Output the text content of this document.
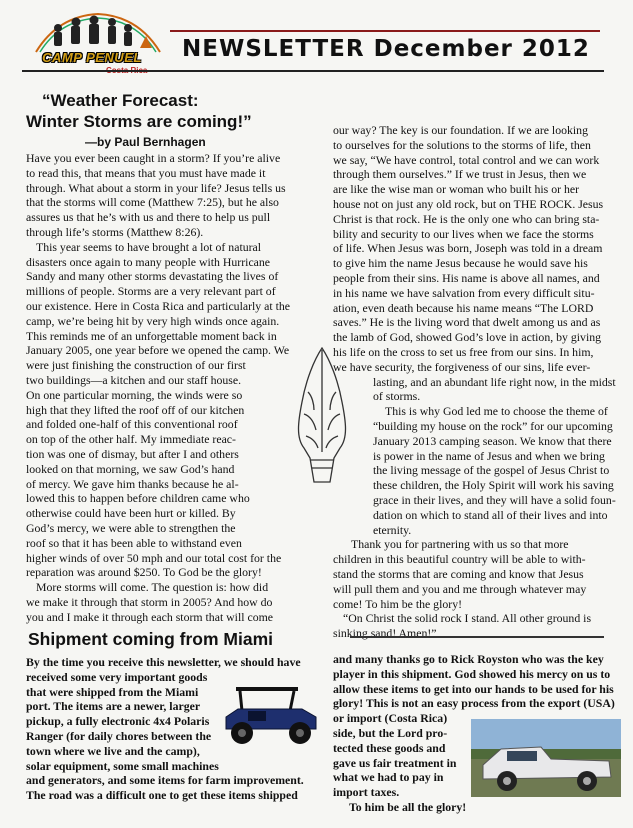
CAMP PENUEL
Costa Rica
NEWSLETTER December 2012
“Weather Forecast:
Winter Storms are coming!”
—by Paul Bernhagen
Have you ever been caught in a storm? If you’re alive
to read this, that means that you must have made it
through. What about a storm in your life? Jesus tells us
that the storms will come (Matthew 7:25), but he also
assures us that he’s with us and there to help us pull
through life’s storms (Matthew 8:26).
This year seems to have brought a lot of natural
disasters once again to many people with Hurricane
Sandy and many other storms devastating the lives of
millions of people. Storms are a very relevant part of
our existence. Here in Costa Rica and particularly at the
camp, we’re being hit by very high winds once again.
This reminds me of an unforgettable moment back in
January 2005, one year before we opened the camp. We
were just finishing the construction of our first
two buildings—a kitchen and our staff house.
On one particular morning, the winds were so
high that they lifted the roof off of our kitchen
and folded one-half of this conventional roof
on top of the other half. My immediate reac-
tion was one of dismay, but after I and others
looked on that morning, we saw God’s hand
of mercy. We gave him thanks because he al-
lowed this to happen before children came who
otherwise could have been hurt or killed. By
God’s mercy, we were able to strengthen the
roof so that it has been able to withstand even
higher winds of over 50 mph and our total cost for the
reparation was around $250. To God be the glory!
More storms will come. The question is: how did
we make it through that storm in 2005? And how do
you and I make it through each storm that will come
our way? The key is our foundation. If we are looking
to ourselves for the solutions to the storms of life, then
we say, “We have control, total control and we can work
through them ourselves.” If we trust in Jesus, then we
are like the wise man or woman who built his or her
house not on just any old rock, but on THE ROCK. Jesus
Christ is that rock. He is the only one who can bring sta-
bility and security to our lives when we face the storms
of life. When Jesus was born, Joseph was told in a dream
to give him the name Jesus because he would save his
people from their sins. His name is above all names, and
in his name we have salvation from every difficult situ-
ation, even death because his name means “The LORD
saves.” He is the living word that dwelt among us and as
the lamb of God, showed God’s love in action, by giving
his life on the cross to set us free from our sins. In him,
we have security, the forgiveness of our sins, life ever-
lasting, and an abundant life right now, in the midst
of storms.
This is why God led me to choose the theme of
“building my house on the rock” for our upcoming
January 2013 camping season. We know that there
is power in the name of Jesus and when we bring
the living message of the gospel of Jesus Christ to
these children, the Holy Spirit will work his saving
grace in their lives, and they will have a solid foun-
dation on which to stand all of their lives and into
eternity.
Thank you for partnering with us so that more
children in this beautiful country will be able to with-
stand the storms that are coming and know that Jesus
will pull them and you and me through whatever may
come! To him be the glory!
“On Christ the solid rock I stand. All other ground is
sinking sand! Amen!”
Shipment coming from Miami
By the time you receive this newsletter, we should have
received some very important goods
that were shipped from the Miami
port. The items are a newer, larger
pickup, a fully electronic 4x4 Polaris
Ranger (for daily chores between the
town where we live and the camp),
solar equipment, some small machines
and generators, and some items for farm improvement.
The road was a difficult one to get these items shipped
and many thanks go to Rick Royston who was the key
player in this shipment. God showed his mercy on us to
allow these items to get into our hands to be used for his
glory! This is not an easy process from the export (USA)
or import (Costa Rica)
side, but the Lord pro-
tected these goods and
gave us fair treatment in
what we had to pay in
import taxes.
To him be all the glory!
